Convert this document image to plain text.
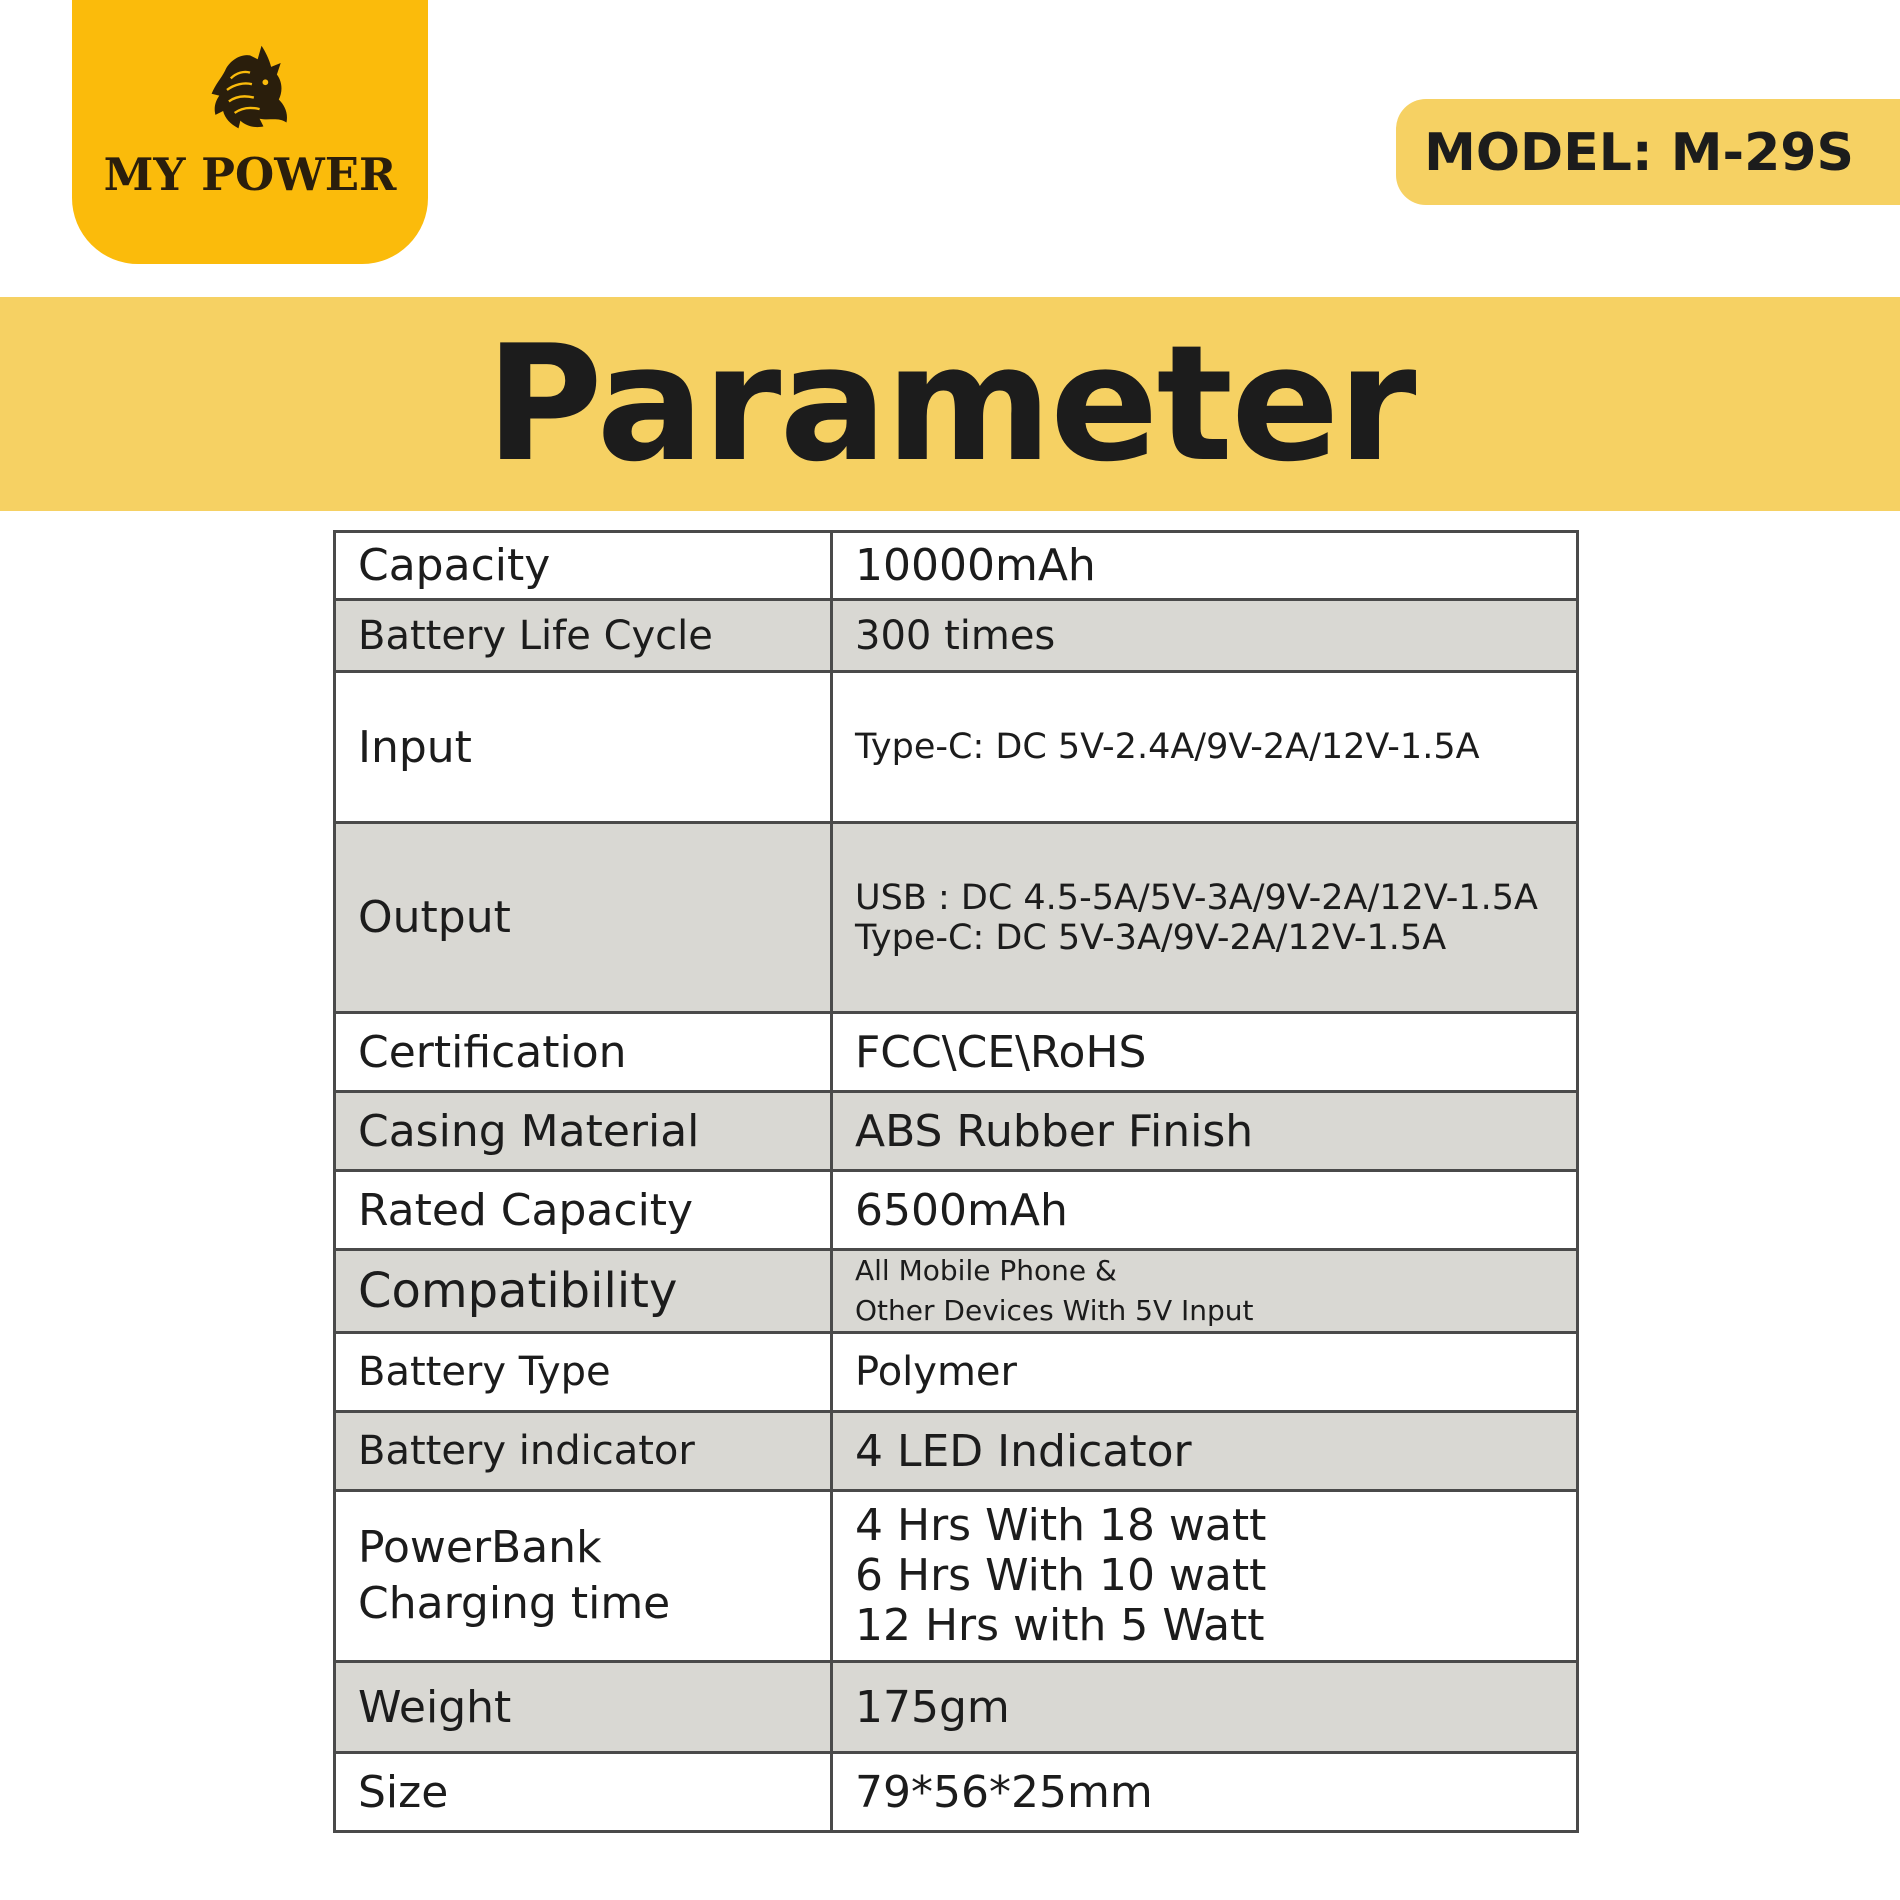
MY POWER	MODEL: M-29S
Parameter
Capacity	10000mAh
Battery Life Cycle	300 times
Input	Type-C: DC 5V-2.4A/9V-2A/12V-1.5A
Output	USB : DC 4.5-5A/5V-3A/9V-2A/12V-1.5A
Type-C: DC 5V-3A/9V-2A/12V-1.5A

Certification	FCC\CE\RoHS
Casing Material	ABS Rubber Finish
Rated Capacity	6500mAh
Compatibility	All Mobile Phone &
Other Devices With 5V Input

Battery Type	Polymer
Battery indicator	4 LED Indicator

PowerBank
Charging time	4 Hrs With 18 watt
6 Hrs With 10 watt
12 Hrs with 5 Watt

Weight	175gm
Size	79*56*25mm
